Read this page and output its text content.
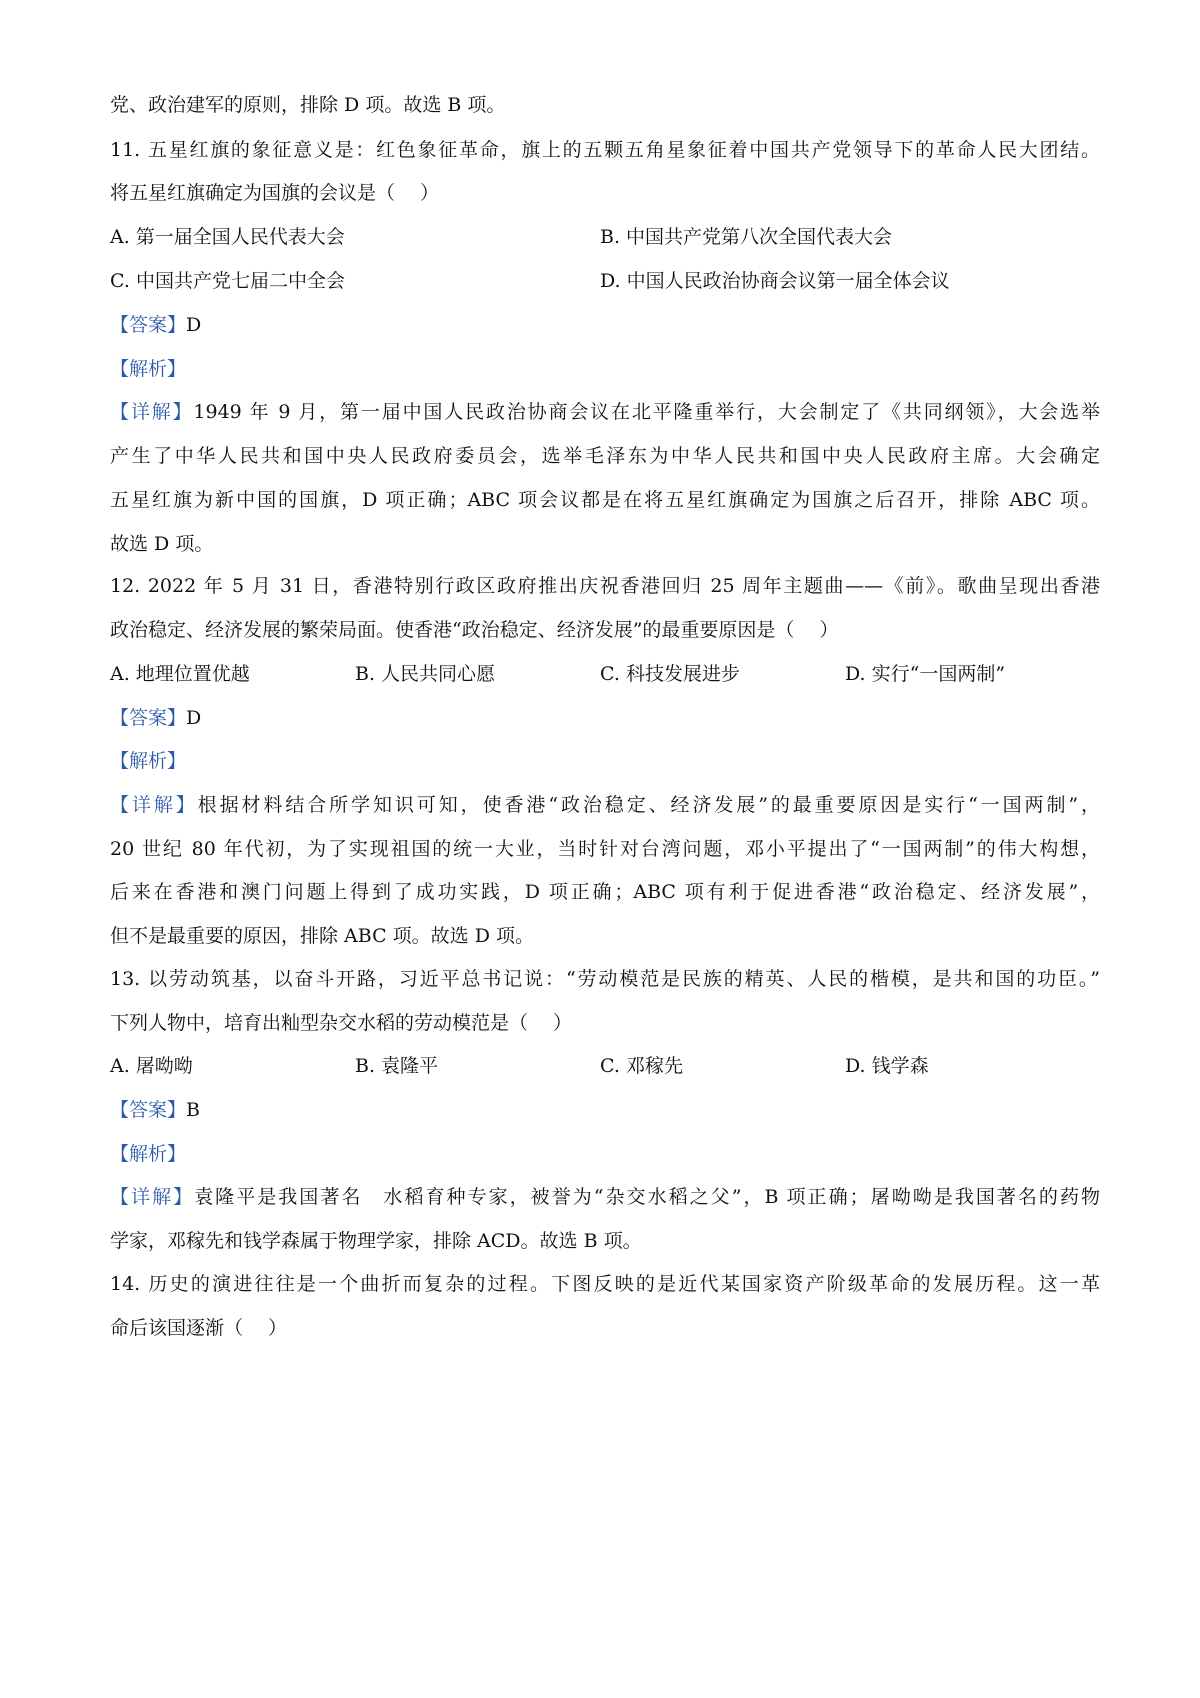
党、政治建军的原则，排除 D 项。故选 B 项。
11. 五星红旗的象征意义是：红色象征革命，旗上的五颗五角星象征着中国共产党领导下的革命人民大团结。
将五星红旗确定为国旗的会议是（　 ）
A. 第一届全国人民代表大会	B. 中国共产党第八次全国代表大会
C. 中国共产党七届二中全会	D. 中国人民政治协商会议第一届全体会议
【答案】D
【解析】
【详解】1949 年 9 月，第一届中国人民政治协商会议在北平隆重举行，大会制定了《共同纲领》，大会选举
产生了中华人民共和国中央人民政府委员会，选举毛泽东为中华人民共和国中央人民政府主席。大会确定
五星红旗为新中国的国旗，D 项正确；ABC 项会议都是在将五星红旗确定为国旗之后召开，排除 ABC 项。
故选 D 项。
12. 2022 年 5 月 31 日，香港特别行政区政府推出庆祝香港回归 25 周年主题曲——《前》。歌曲呈现出香港
政治稳定、经济发展的繁荣局面。使香港“政治稳定、经济发展”的最重要原因是（　 ）
A. 地理位置优越	B. 人民共同心愿	C. 科技发展进步	D. 实行“一国两制”
【答案】D
【解析】
【详解】根据材料结合所学知识可知，使香港“政治稳定、经济发展”的最重要原因是实行“一国两制”，
20 世纪 80 年代初，为了实现祖国的统一大业，当时针对台湾问题，邓小平提出了“一国两制”的伟大构想，
后来在香港和澳门问题上得到了成功实践，D 项正确；ABC 项有利于促进香港“政治稳定、经济发展”，
但不是最重要的原因，排除 ABC 项。故选 D 项。
13. 以劳动筑基，以奋斗开路，习近平总书记说：“劳动模范是民族的精英、人民的楷模，是共和国的功臣。”
下列人物中，培育出籼型杂交水稻的劳动模范是（　 ）
A. 屠呦呦	B. 袁隆平	C. 邓稼先	D. 钱学森
【答案】B
【解析】
【详解】袁隆平是我国著名　水稻育种专家，被誉为“杂交水稻之父”，B 项正确；屠呦呦是我国著名的药物
学家，邓稼先和钱学森属于物理学家，排除 ACD。故选 B 项。
14. 历史的演进往往是一个曲折而复杂的过程。下图反映的是近代某国家资产阶级革命的发展历程。这一革
命后该国逐渐（　 ）
